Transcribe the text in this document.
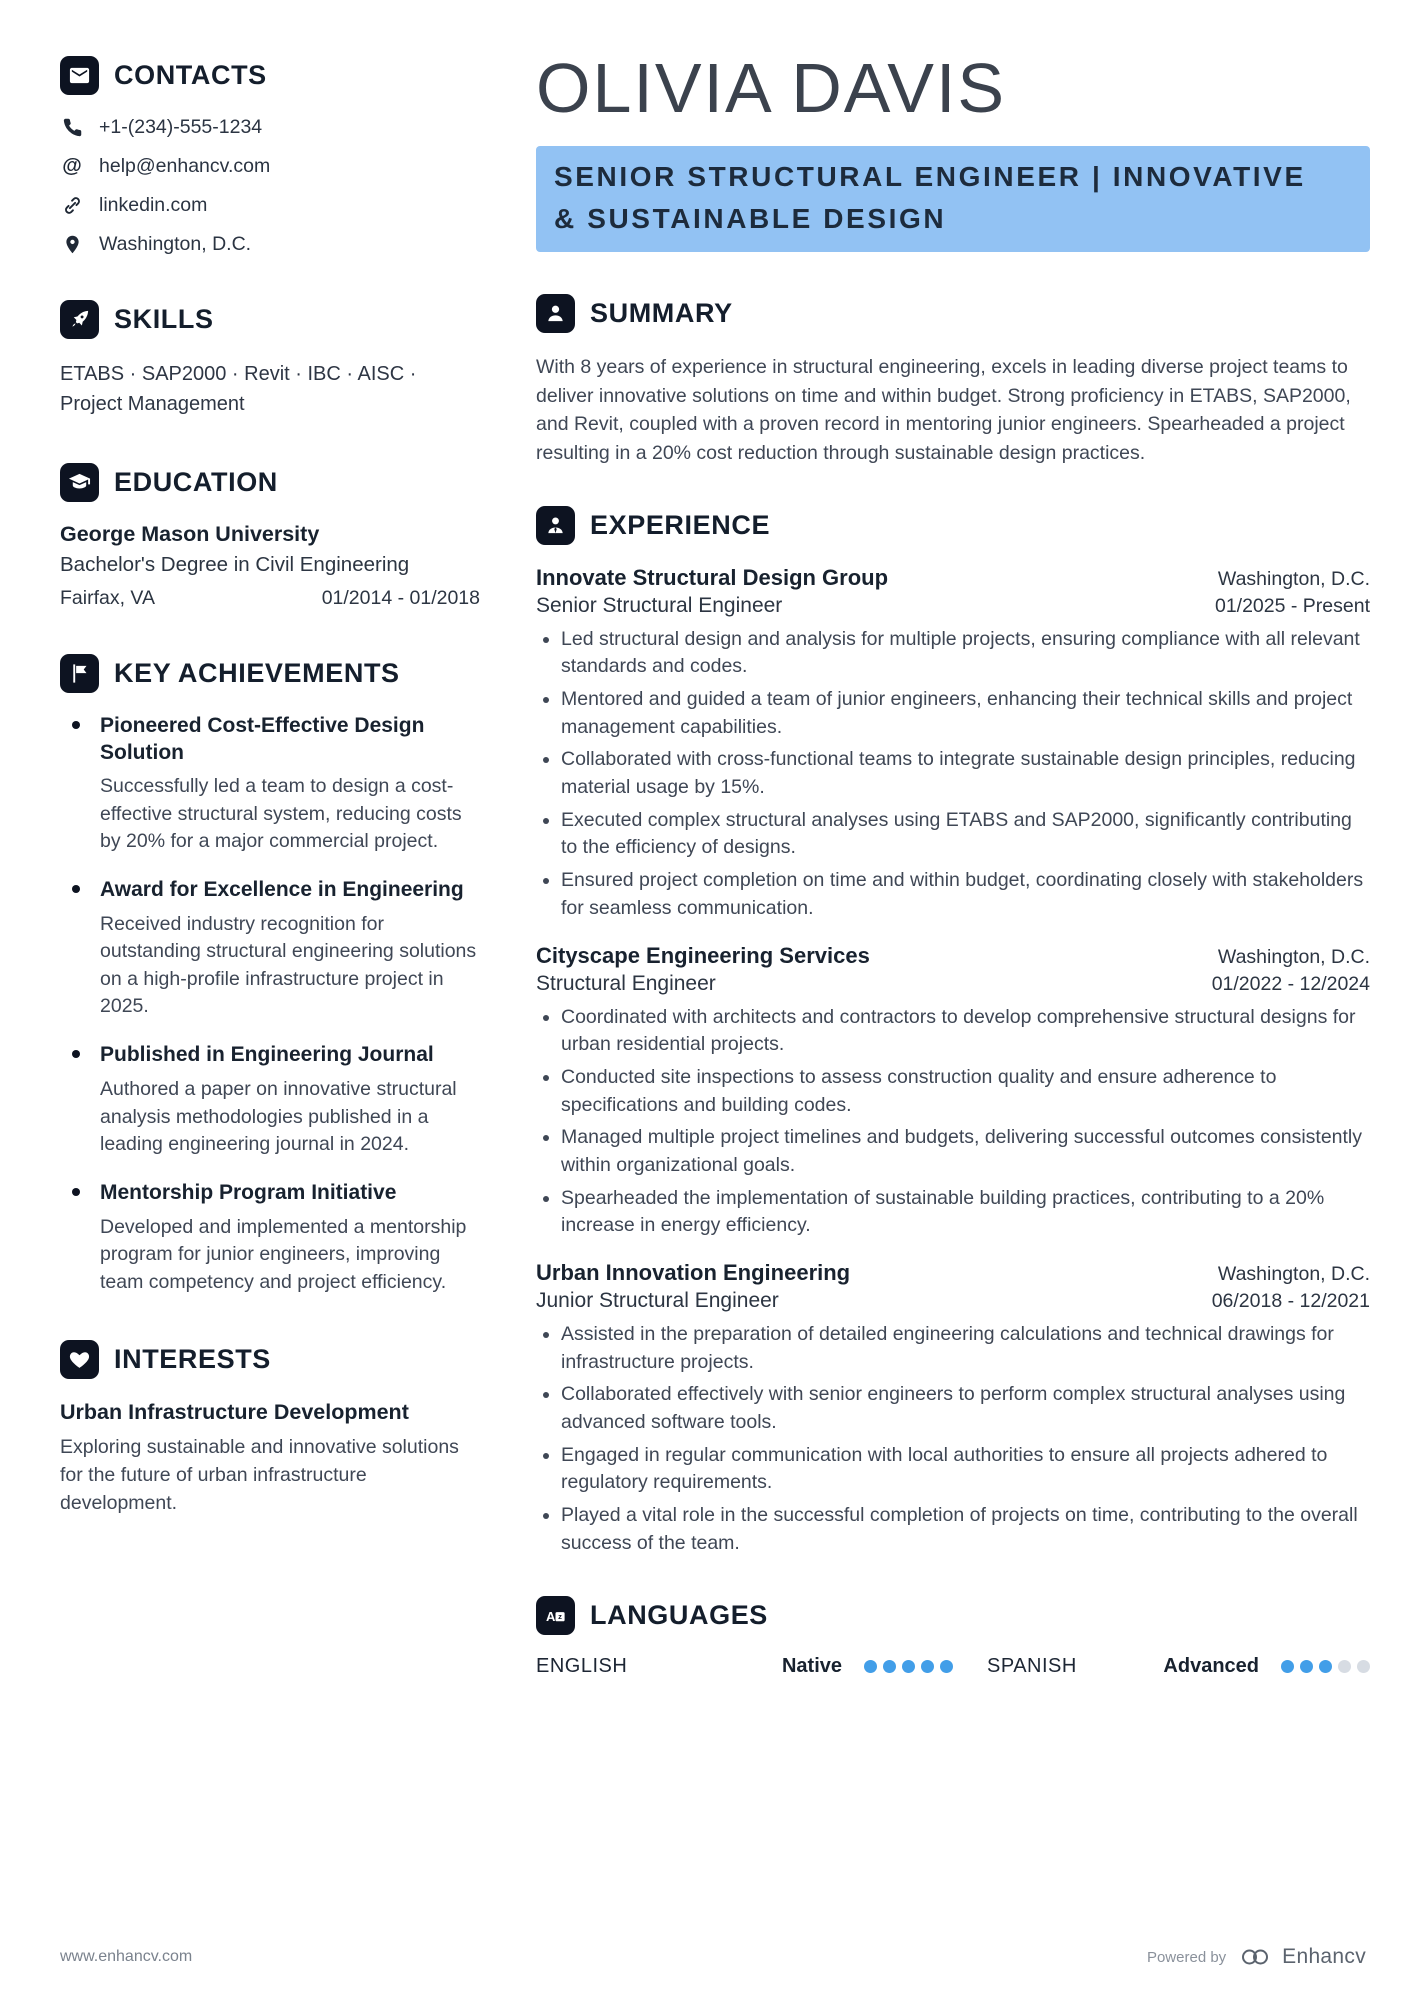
CONTACTS
+1-(234)-555-1234
@ help@enhancv.com
linkedin.com
Washington, D.C.
SKILLS

ETABS · SAP2000 · Revit · IBC · AISC · Project Management

EDUCATION
George Mason University
Bachelor's Degree in Civil Engineering
Fairfax, VA	01/2014 - 01/2018
KEY ACHIEVEMENTS
Pioneered Cost-Effective Design Solution
Successfully led a team to design a cost-effective structural system, reducing costs by 20% for a major commercial project.
Award for Excellence in Engineering
Received industry recognition for outstanding structural engineering solutions on a high-profile infrastructure project in 2025.
Published in Engineering Journal
Authored a paper on innovative structural analysis methodologies published in a leading engineering journal in 2024.
Mentorship Program Initiative
Developed and implemented a mentorship program for junior engineers, improving team competency and project efficiency.
INTERESTS
Urban Infrastructure Development
Exploring sustainable and innovative solutions for the future of urban infrastructure development.
OLIVIA DAVIS
SENIOR STRUCTURAL ENGINEER | INNOVATIVE & SUSTAINABLE DESIGN
SUMMARY

With 8 years of experience in structural engineering, excels in leading diverse project teams to deliver innovative solutions on time and within budget. Strong proficiency in ETABS, SAP2000, and Revit, coupled with a proven record in mentoring junior engineers. Spearheaded a project resulting in a 20% cost reduction through sustainable design practices.

EXPERIENCE
Innovate Structural Design Group	Washington, D.C.
Senior Structural Engineer	01/2025 - Present
• Led structural design and analysis for multiple projects, ensuring compliance with all relevant standards and codes.
• Mentored and guided a team of junior engineers, enhancing their technical skills and project management capabilities.
• Collaborated with cross-functional teams to integrate sustainable design principles, reducing material usage by 15%.
• Executed complex structural analyses using ETABS and SAP2000, significantly contributing to the efficiency of designs.
• Ensured project completion on time and within budget, coordinating closely with stakeholders for seamless communication.
Cityscape Engineering Services	Washington, D.C.
Structural Engineer	01/2022 - 12/2024
• Coordinated with architects and contractors to develop comprehensive structural designs for urban residential projects.
• Conducted site inspections to assess construction quality and ensure adherence to specifications and building codes.
• Managed multiple project timelines and budgets, delivering successful outcomes consistently within organizational goals.
• Spearheaded the implementation of sustainable building practices, contributing to a 20% increase in energy efficiency.
Urban Innovation Engineering	Washington, D.C.
Junior Structural Engineer	06/2018 - 12/2021
• Assisted in the preparation of detailed engineering calculations and technical drawings for infrastructure projects.
• Collaborated effectively with senior engineers to perform complex structural analyses using advanced software tools.
• Engaged in regular communication with local authorities to ensure all projects adhered to regulatory requirements.
• Played a vital role in the successful completion of projects on time, contributing to the overall success of the team.
A z LANGUAGES
ENGLISH	Native	SPANISH	Advanced
www.enhancv.com	Powered by	Enhancv
